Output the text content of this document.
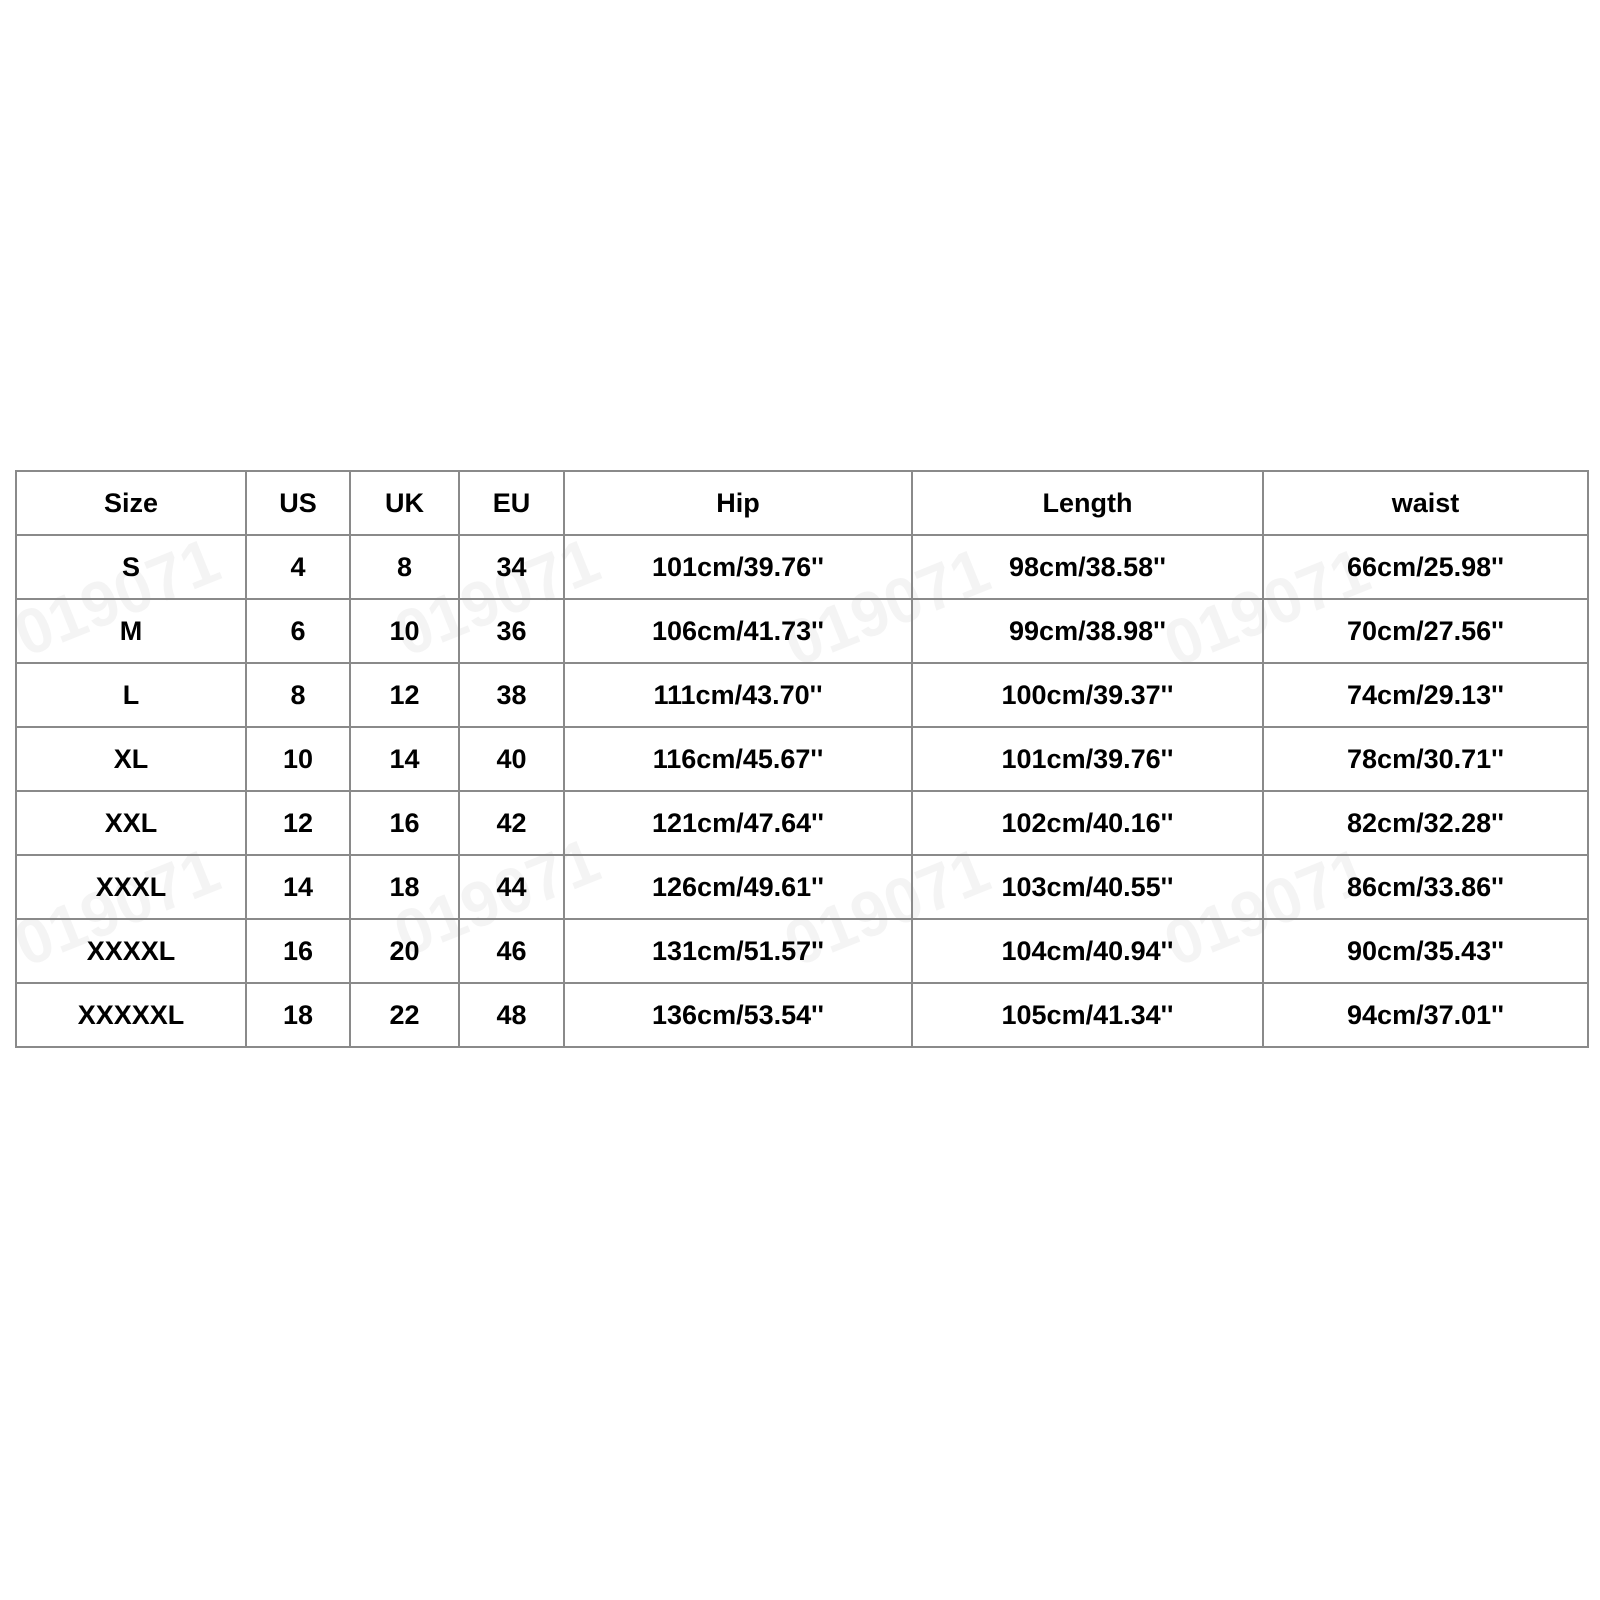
Size	US	UK	EU	Hip	Length	waist
S	4	8	34	101cm/39.76''	98cm/38.58''	66cm/25.98''
M	6	10	36	106cm/41.73''	99cm/38.98''	70cm/27.56''
L	8	12	38	111cm/43.70''	100cm/39.37''	74cm/29.13''
XL	10	14	40	116cm/45.67''	101cm/39.76''	78cm/30.71''
XXL	12	16	42	121cm/47.64''	102cm/40.16''	82cm/32.28''
XXXL	14	18	44	126cm/49.61''	103cm/40.55''	86cm/33.86''
XXXXL	16	20	46	131cm/51.57''	104cm/40.94''	90cm/35.43''
XXXXXL	18	22	48	136cm/53.54''	105cm/41.34''	94cm/37.01''
